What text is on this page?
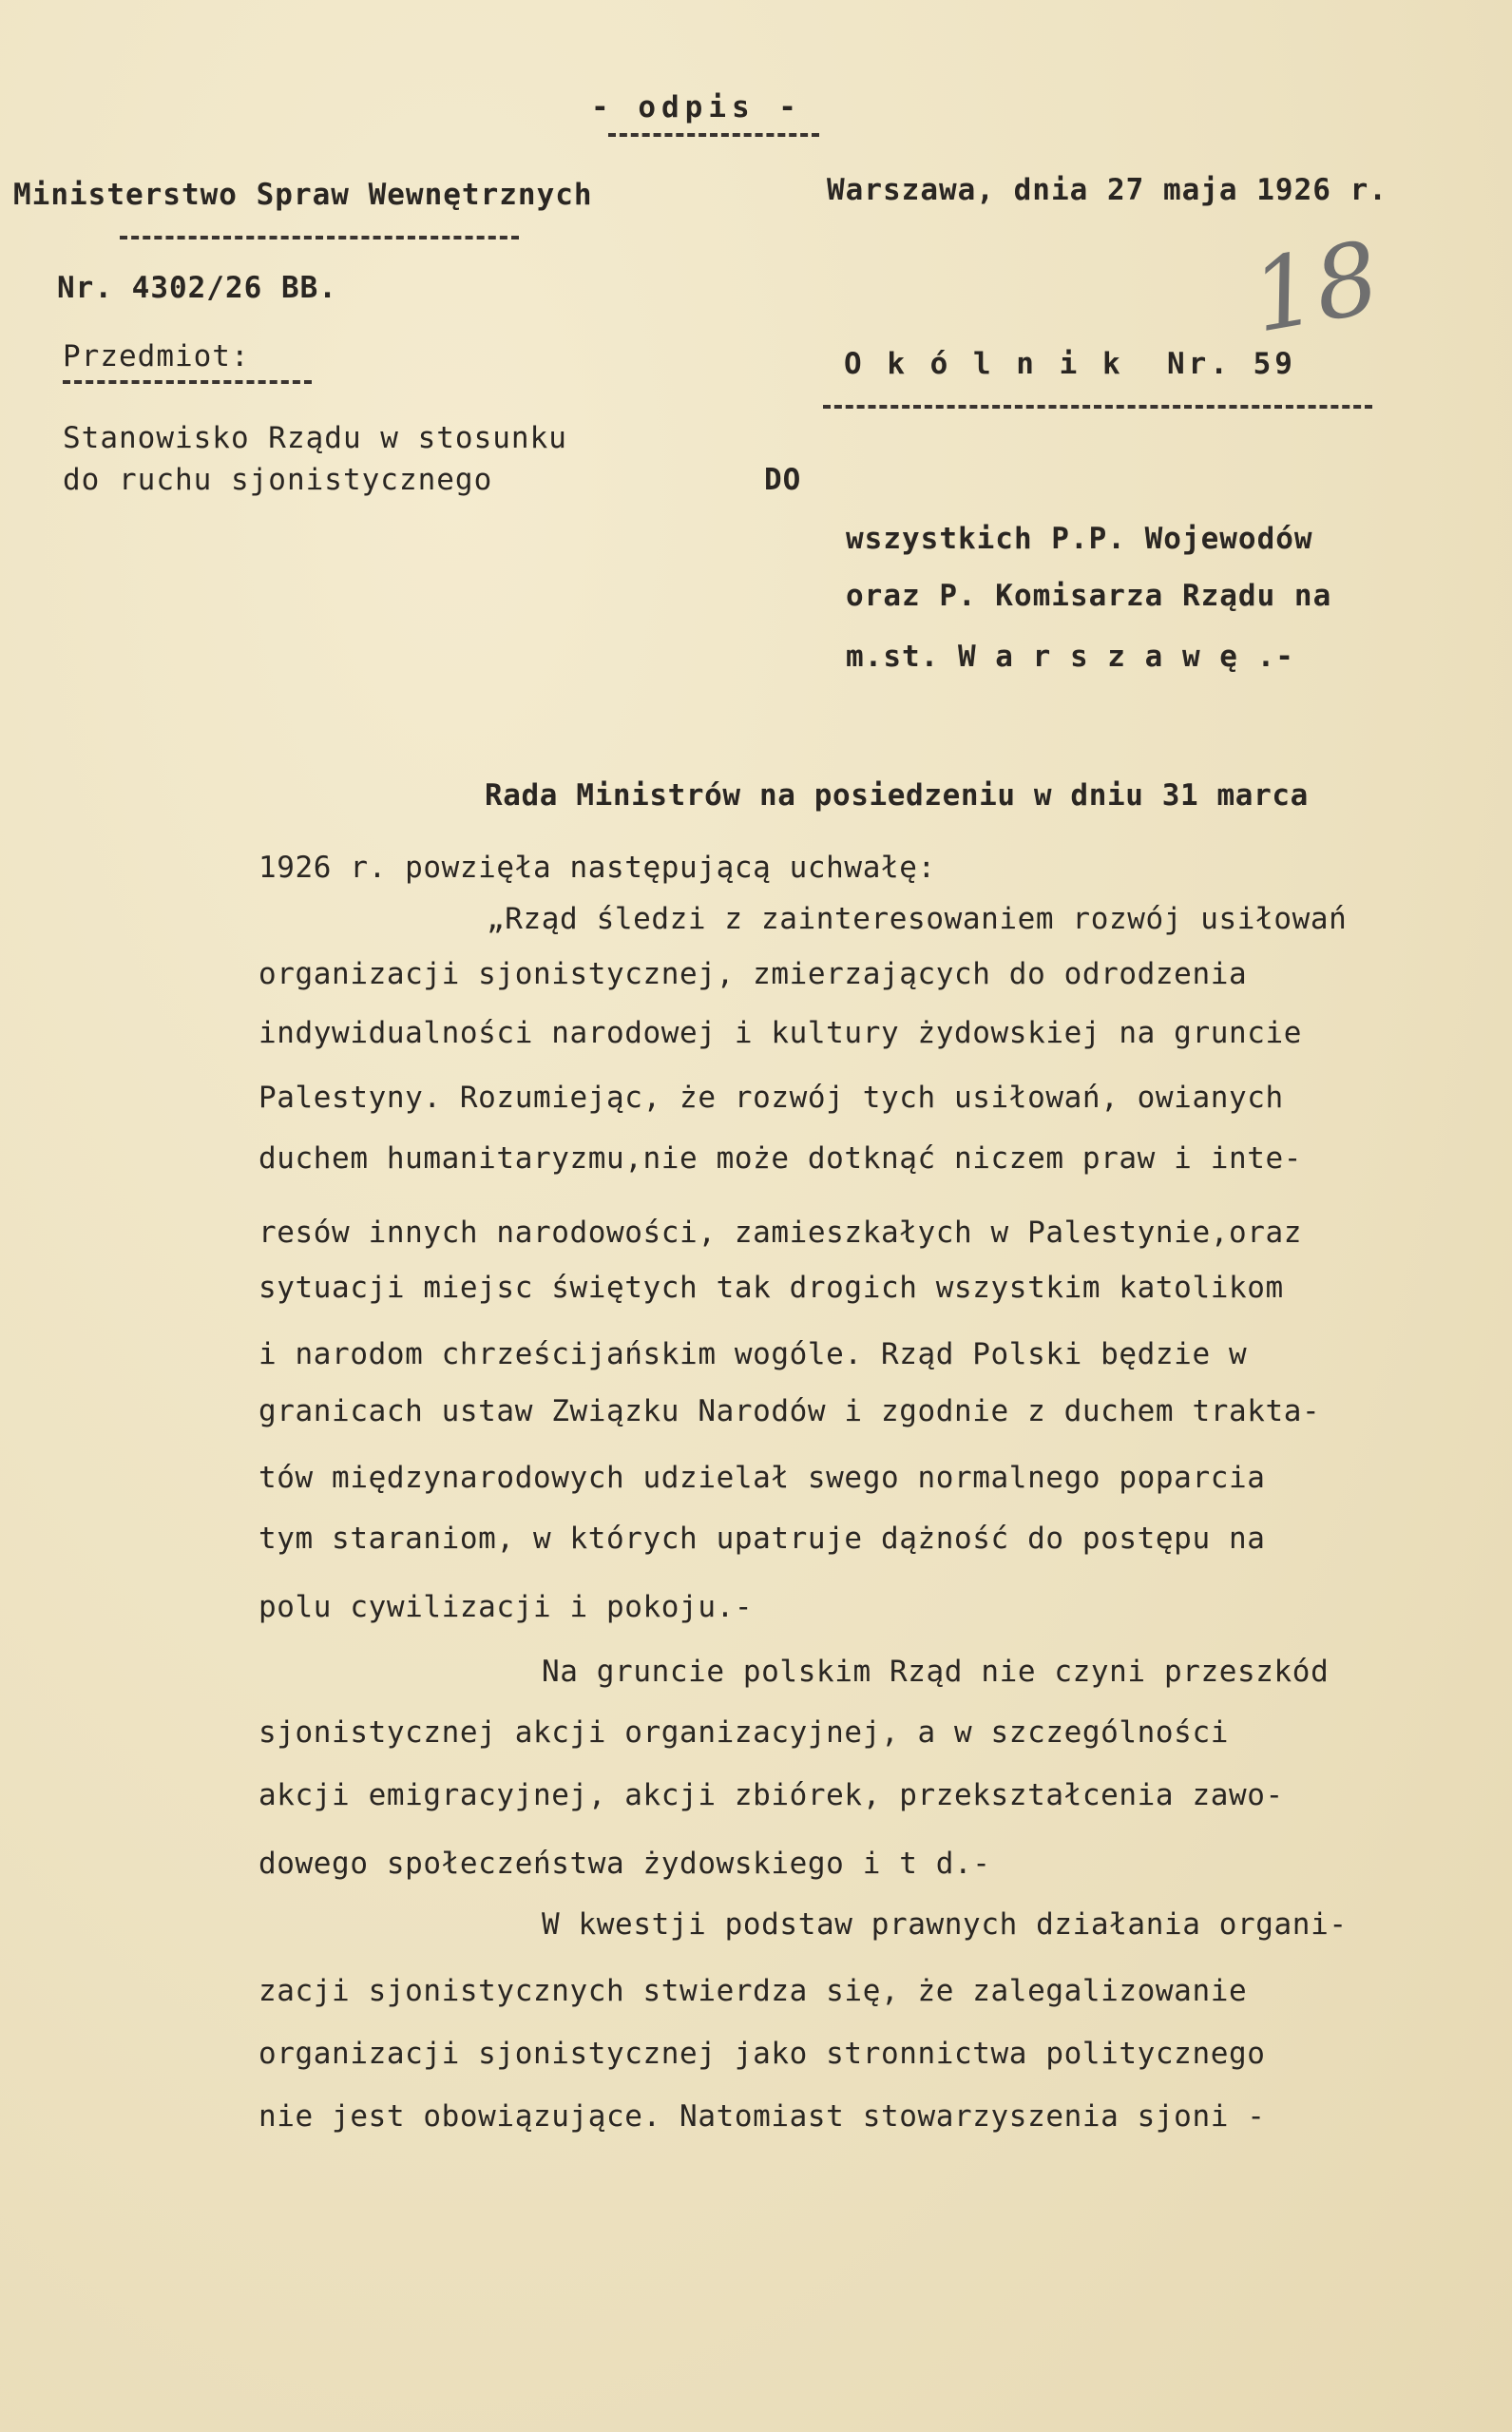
- odpis -
Ministerstwo Spraw Wewnętrznych	Warszawa, dnia 27 maja 1926 r.
Nr. 4302/26 BB.
Przedmiot:
Stanowisko Rządu w stosunku
do ruchu sjonistycznego
O k ó l n i k  Nr. 59
18
DO
wszystkich P.P. Wojewodów
oraz P. Komisarza Rządu na
m.st. W a r s z a w ę .-
Rada Ministrów na posiedzeniu w dniu 31 marca
1926 r. powzięła następującą uchwałę:
„Rząd śledzi z zainteresowaniem rozwój usiłowań
organizacji sjonistycznej, zmierzających do odrodzenia
indywidualności narodowej i kultury żydowskiej na gruncie
Palestyny. Rozumiejąc, że rozwój tych usiłowań, owianych
duchem humanitaryzmu,nie może dotknąć niczem praw i inte-
resów innych narodowości, zamieszkałych w Palestynie,oraz
sytuacji miejsc świętych tak drogich wszystkim katolikom
i narodom chrześcijańskim wogóle. Rząd Polski będzie w
granicach ustaw Związku Narodów i zgodnie z duchem trakta-
tów międzynarodowych udzielał swego normalnego poparcia
tym staraniom, w których upatruje dążność do postępu na
polu cywilizacji i pokoju.-
Na gruncie polskim Rząd nie czyni przeszkód
sjonistycznej akcji organizacyjnej, a w szczególności
akcji emigracyjnej, akcji zbiórek, przekształcenia zawo-
dowego społeczeństwa żydowskiego i t d.-
W kwestji podstaw prawnych działania organi-
zacji sjonistycznych stwierdza się, że zalegalizowanie
organizacji sjonistycznej jako stronnictwa politycznego
nie jest obowiązujące. Natomiast stowarzyszenia sjoni -
